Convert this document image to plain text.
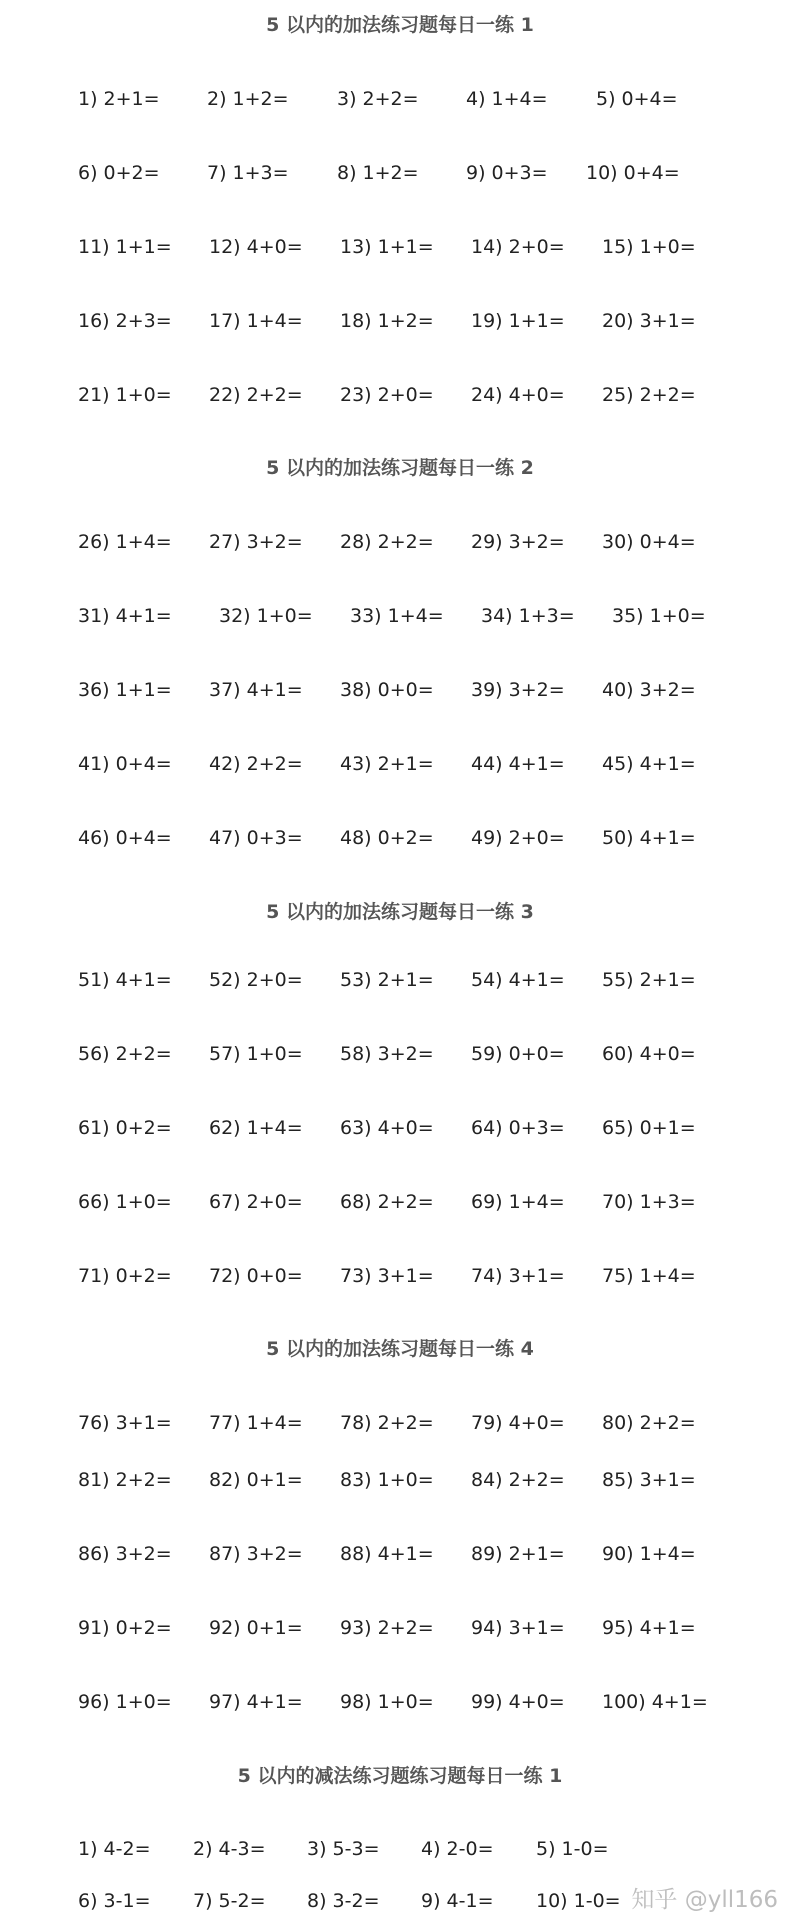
5 以内的加法练习题每日一练 1
1) 2+1= 2) 1+2=	3) 2+2= 4) 1+4=	5) 0+4=
6) 0+2= 7) 1+3=	8) 1+2= 9) 0+3= 10) 0+4=
11) 1+1= 12) 4+0= 13) 1+1= 14) 2+0= 15) 1+0=
16) 2+3= 17) 1+4= 18) 1+2= 19) 1+1= 20) 3+1=
21) 1+0= 22) 2+2= 23) 2+0= 24) 4+0= 25) 2+2=
5 以内的加法练习题每日一练 2
26) 1+4= 27) 3+2= 28) 2+2= 29) 3+2= 30) 0+4=
31) 4+1= 32) 1+0= 33) 1+4= 34) 1+3= 35) 1+0=
36) 1+1= 37) 4+1= 38) 0+0= 39) 3+2= 40) 3+2=
41) 0+4= 42) 2+2= 43) 2+1= 44) 4+1= 45) 4+1=
46) 0+4= 47) 0+3= 48) 0+2= 49) 2+0= 50) 4+1=
5 以内的加法练习题每日一练 3
51) 4+1= 52) 2+0= 53) 2+1= 54) 4+1= 55) 2+1=
56) 2+2= 57) 1+0= 58) 3+2= 59) 0+0= 60) 4+0=
61) 0+2= 62) 1+4= 63) 4+0= 64) 0+3= 65) 0+1=
66) 1+0= 67) 2+0= 68) 2+2= 69) 1+4= 70) 1+3=
71) 0+2= 72) 0+0= 73) 3+1= 74) 3+1= 75) 1+4=
5 以内的加法练习题每日一练 4
76) 3+1= 77) 1+4= 78) 2+2= 79) 4+0= 80) 2+2=
81) 2+2= 82) 0+1= 83) 1+0= 84) 2+2= 85) 3+1=
86) 3+2= 87) 3+2= 88) 4+1= 89) 2+1= 90) 1+4=
91) 0+2= 92) 0+1= 93) 2+2= 94) 3+1= 95) 4+1=
96) 1+0= 97) 4+1= 98) 1+0= 99) 4+0= 100) 4+1=
5 以内的减法练习题练习题每日一练 1
1) 4-2= 2) 4-3= 3) 5-3= 4) 2-0= 5) 1-0=
6) 3-1= 7) 5-2= 8) 3-2= 9) 4-1= 10) 1-0= 知乎 @yll166
